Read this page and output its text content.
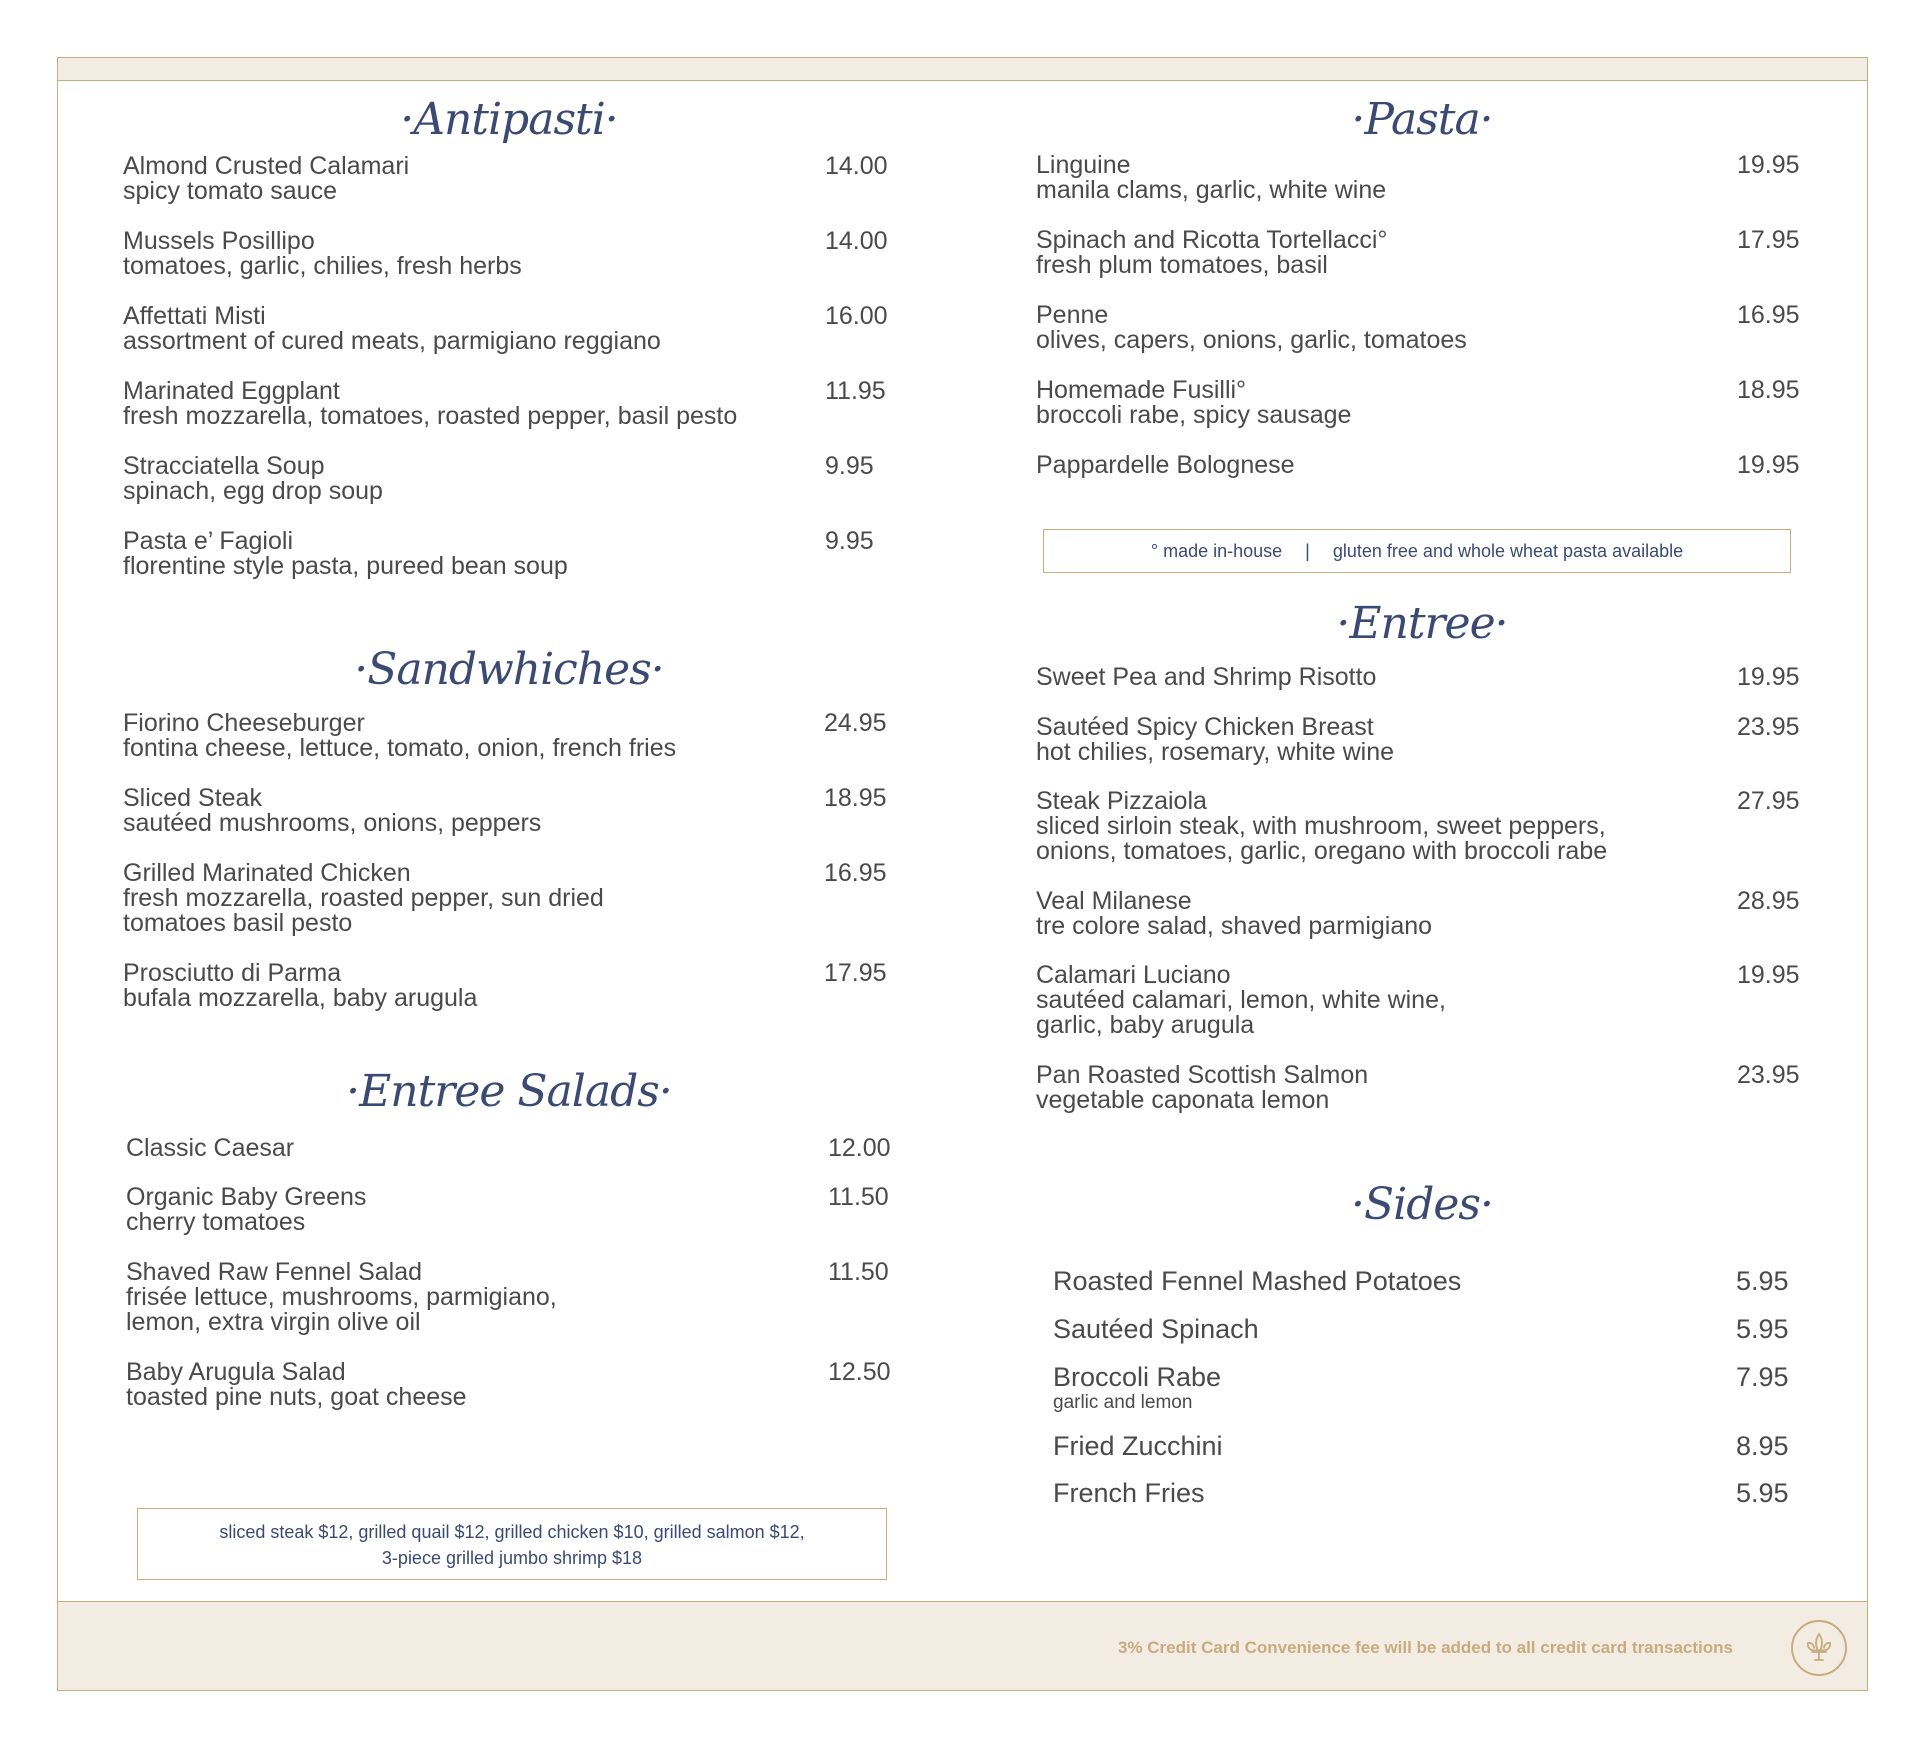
·Antipasti·
Almond Crusted Calamari
spicy tomato sauce
14.00
Mussels Posillipo
tomatoes, garlic, chilies, fresh herbs
14.00
Affettati Misti
assortment of cured meats, parmigiano reggiano
16.00
Marinated Eggplant
fresh mozzarella, tomatoes, roasted pepper, basil pesto
11.95
Stracciatella Soup
spinach, egg drop soup
9.95
Pasta e’ Fagioli
florentine style pasta, pureed bean soup
9.95
·Sandwhiches·
Fiorino Cheeseburger
fontina cheese, lettuce, tomato, onion, french fries
24.95
Sliced Steak
sautéed mushrooms, onions, peppers
18.95
Grilled Marinated Chicken
fresh mozzarella, roasted pepper, sun dried
tomatoes basil pesto
16.95
Prosciutto di Parma
bufala mozzarella, baby arugula
17.95
·Entree Salads·
Classic Caesar	12.00
Organic Baby Greens
cherry tomatoes
11.50
Shaved Raw Fennel Salad
frisée lettuce, mushrooms, parmigiano,
lemon, extra virgin olive oil
11.50
Baby Arugula Salad
toasted pine nuts, goat cheese
12.50
sliced steak $12, grilled quail $12, grilled chicken $10, grilled salmon $12,
3-piece grilled jumbo shrimp $18
·Pasta·
Linguine
manila clams, garlic, white wine
19.95
Spinach and Ricotta Tortellacci°
fresh plum tomatoes, basil
17.95
Penne
olives, capers, onions, garlic, tomatoes
16.95
Homemade Fusilli°
broccoli rabe, spicy sausage
18.95
Pappardelle Bolognese	19.95
° made in-house | gluten free and whole wheat pasta available
·Entree·
Sweet Pea and Shrimp Risotto	19.95
Sautéed Spicy Chicken Breast
hot chilies, rosemary, white wine
23.95
Steak Pizzaiola
sliced sirloin steak, with mushroom, sweet peppers,
onions, tomatoes, garlic, oregano with broccoli rabe
27.95
Veal Milanese
tre colore salad, shaved parmigiano
28.95
Calamari Luciano
sautéed calamari, lemon, white wine,
garlic, baby arugula
19.95
Pan Roasted Scottish Salmon
vegetable caponata lemon
23.95
·Sides·
Roasted Fennel Mashed Potatoes	5.95
Sautéed Spinach	5.95
Broccoli Rabe
garlic and lemon
7.95
Fried Zucchini	8.95
French Fries	5.95
3% Credit Card Convenience fee will be added to all credit card transactions
